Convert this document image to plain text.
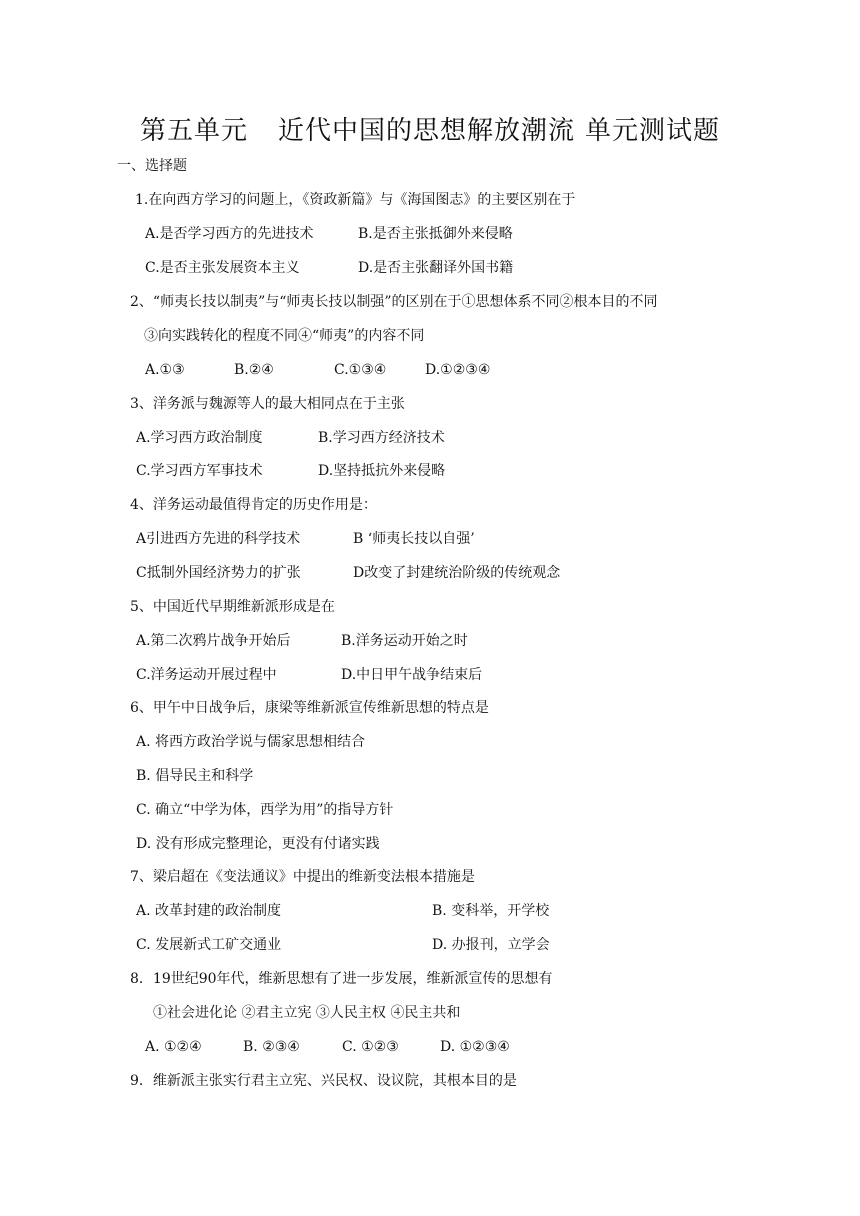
第五单元 近代中国的思想解放潮流 单元测试题
一、选择题
1.在向西方学习的问题上，《资政新篇》与《海国图志》的主要区别在于
A.是否学习西方的先进技术	B.是否主张抵御外来侵略
C.是否主张发展资本主义	D.是否主张翻译外国书籍
2、“师夷长技以制夷”与“师夷长技以制强”的区别在于①思想体系不同②根本目的不同
③向实践转化的程度不同④“师夷”的内容不同
A.①③	B.②④	C.①③④	D.①②③④
3、洋务派与魏源等人的最大相同点在于主张
A.学习西方政治制度	B.学习西方经济技术
C.学习西方军事技术	D.坚持抵抗外来侵略
4、洋务运动最值得肯定的历史作用是：
A引进西方先进的科学技术	B ‘师夷长技以自强’
C抵制外国经济势力的扩张	D改变了封建统治阶级的传统观念
5、中国近代早期维新派形成是在
A.第二次鸦片战争开始后	B.洋务运动开始之时
C.洋务运动开展过程中	D.中日甲午战争结束后
6、甲午中日战争后，康梁等维新派宣传维新思想的特点是
A. 将西方政治学说与儒家思想相结合
B. 倡导民主和科学
C. 确立“中学为体，西学为用”的指导方针
D. 没有形成完整理论，更没有付诸实践
7、梁启超在《变法通议》中提出的维新变法根本措施是
A. 改革封建的政治制度	B. 变科举，开学校
C. 发展新式工矿交通业	D. 办报刊，立学会
8．19世纪90年代，维新思想有了进一步发展，维新派宣传的思想有
①社会进化论 ②君主立宪 ③人民主权 ④民主共和
A. ①②④	B. ②③④	C. ①②③	D. ①②③④
9．维新派主张实行君主立宪、兴民权、设议院，其根本目的是
